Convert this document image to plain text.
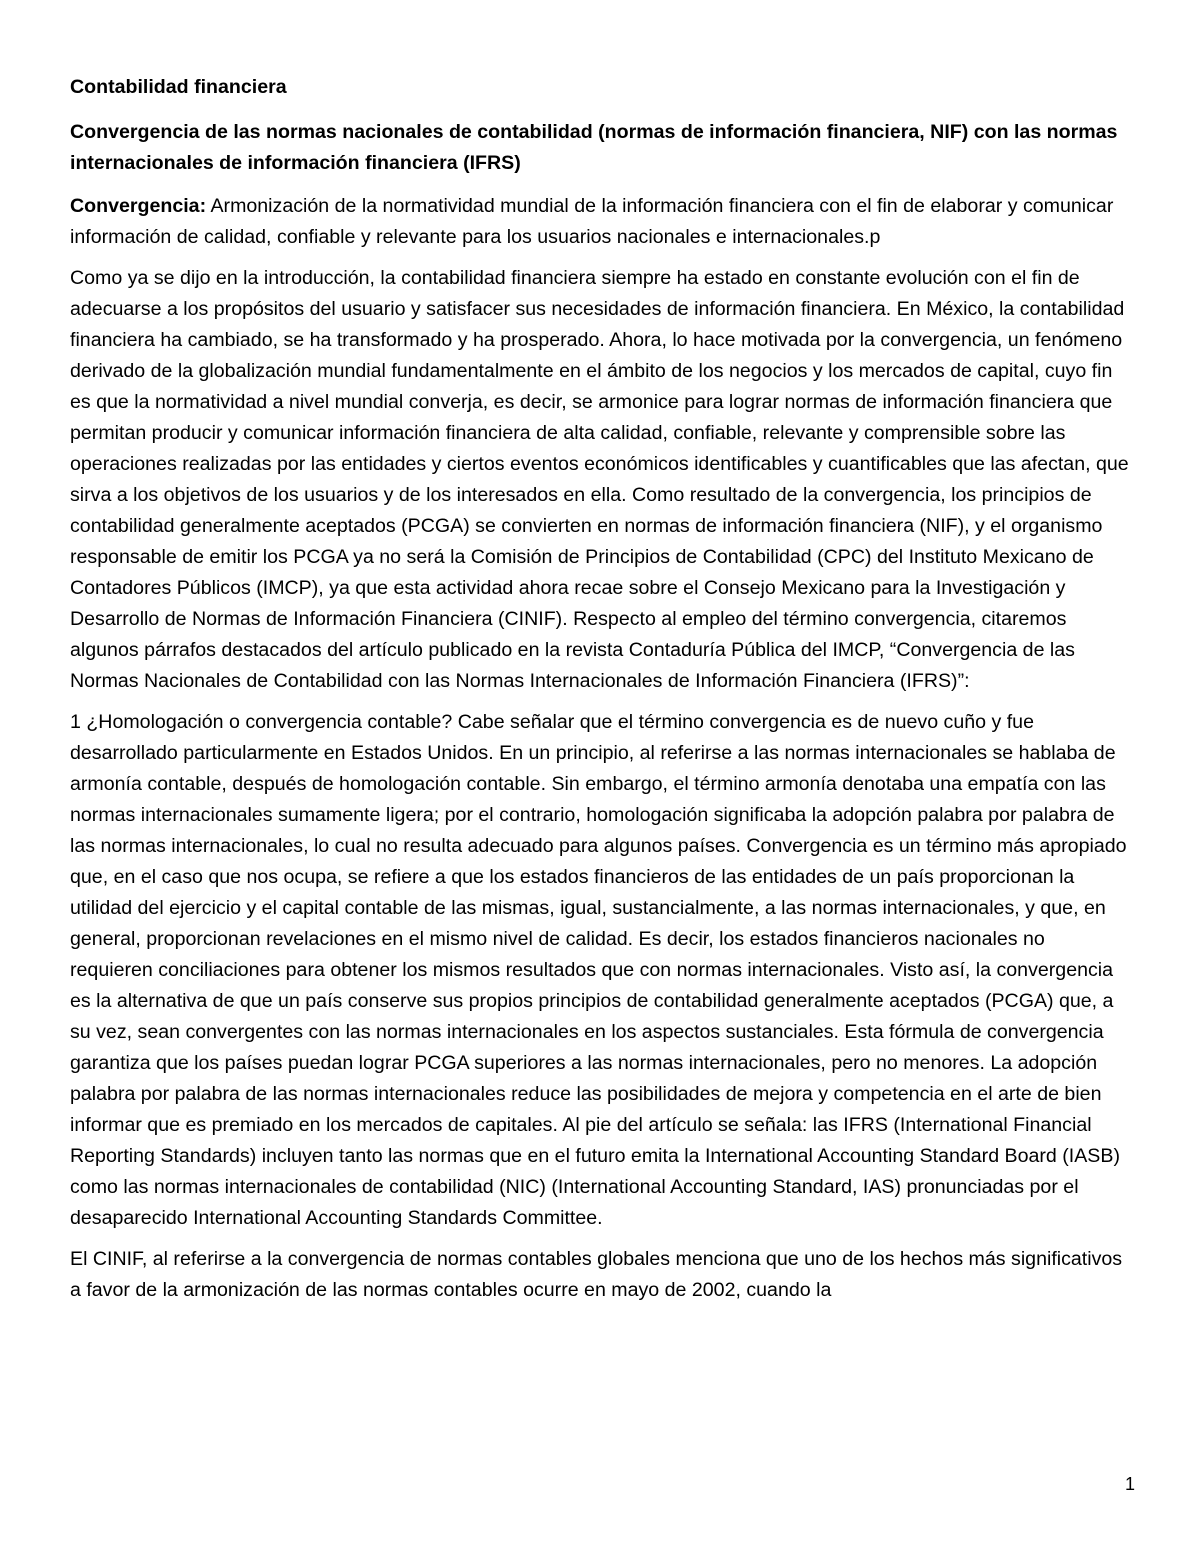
Contabilidad financiera

Convergencia de las normas nacionales de contabilidad (normas de información financiera, NIF) con las normas internacionales de información financiera (IFRS)

Convergencia: Armonización de la normatividad mundial de la información financiera con el fin de elaborar y comunicar información de calidad, confiable y relevante para los usuarios nacionales e internacionales.p

Como ya se dijo en la introducción, la contabilidad financiera siempre ha estado en constante evolución con el fin de adecuarse a los propósitos del usuario y satisfacer sus necesidades de información financiera. En México, la contabilidad financiera ha cambiado, se ha transformado y ha prosperado. Ahora, lo hace motivada por la convergencia, un fenómeno derivado de la globalización mundial fundamentalmente en el ámbito de los negocios y los mercados de capital, cuyo fin es que la normatividad a nivel mundial converja, es decir, se armonice para lograr normas de información financiera que permitan producir y comunicar información financiera de alta calidad, confiable, relevante y comprensible sobre las operaciones realizadas por las entidades y ciertos eventos económicos identificables y cuantificables que las afectan, que sirva a los objetivos de los usuarios y de los interesados en ella. Como resultado de la convergencia, los principios de contabilidad generalmente aceptados (PCGA) se convierten en normas de información financiera (NIF), y el organismo responsable de emitir los PCGA ya no será la Comisión de Principios de Contabilidad (CPC) del Instituto Mexicano de Contadores Públicos (IMCP), ya que esta actividad ahora recae sobre el Consejo Mexicano para la Investigación y Desarrollo de Normas de Información Financiera (CINIF). Respecto al empleo del término convergencia, citaremos algunos párrafos destacados del artículo publicado en la revista Contaduría Pública del IMCP, “Convergencia de las Normas Nacionales de Contabilidad con las Normas Internacionales de Información Financiera (IFRS)”:

1 ¿Homologación o convergencia contable? Cabe señalar que el término convergencia es de nuevo cuño y fue desarrollado particularmente en Estados Unidos. En un principio, al referirse a las normas internacionales se hablaba de armonía contable, después de homologación contable. Sin embargo, el término armonía denotaba una empatía con las normas internacionales sumamente ligera; por el contrario, homologación significaba la adopción palabra por palabra de las normas internacionales, lo cual no resulta adecuado para algunos países. Convergencia es un término más apropiado que, en el caso que nos ocupa, se refiere a que los estados financieros de las entidades de un país proporcionan la utilidad del ejercicio y el capital contable de las mismas, igual, sustancialmente, a las normas internacionales, y que, en general, proporcionan revelaciones en el mismo nivel de calidad. Es decir, los estados financieros nacionales no requieren conciliaciones para obtener los mismos resultados que con normas internacionales. Visto así, la convergencia es la alternativa de que un país conserve sus propios principios de contabilidad generalmente aceptados (PCGA) que, a su vez, sean convergentes con las normas internacionales en los aspectos sustanciales. Esta fórmula de convergencia garantiza que los países puedan lograr PCGA superiores a las normas internacionales, pero no menores. La adopción palabra por palabra de las normas internacionales reduce las posibilidades de mejora y competencia en el arte de bien informar que es premiado en los mercados de capitales. Al pie del artículo se señala: las IFRS (International Financial Reporting Standards) incluyen tanto las normas que en el futuro emita la International Accounting Standard Board (IASB) como las normas internacionales de contabilidad (NIC) (International Accounting Standard, IAS) pronunciadas por el desaparecido International Accounting Standards Committee.

El CINIF, al referirse a la convergencia de normas contables globales menciona que uno de los hechos más significativos a favor de la armonización de las normas contables ocurre en mayo de 2002, cuando la

1
